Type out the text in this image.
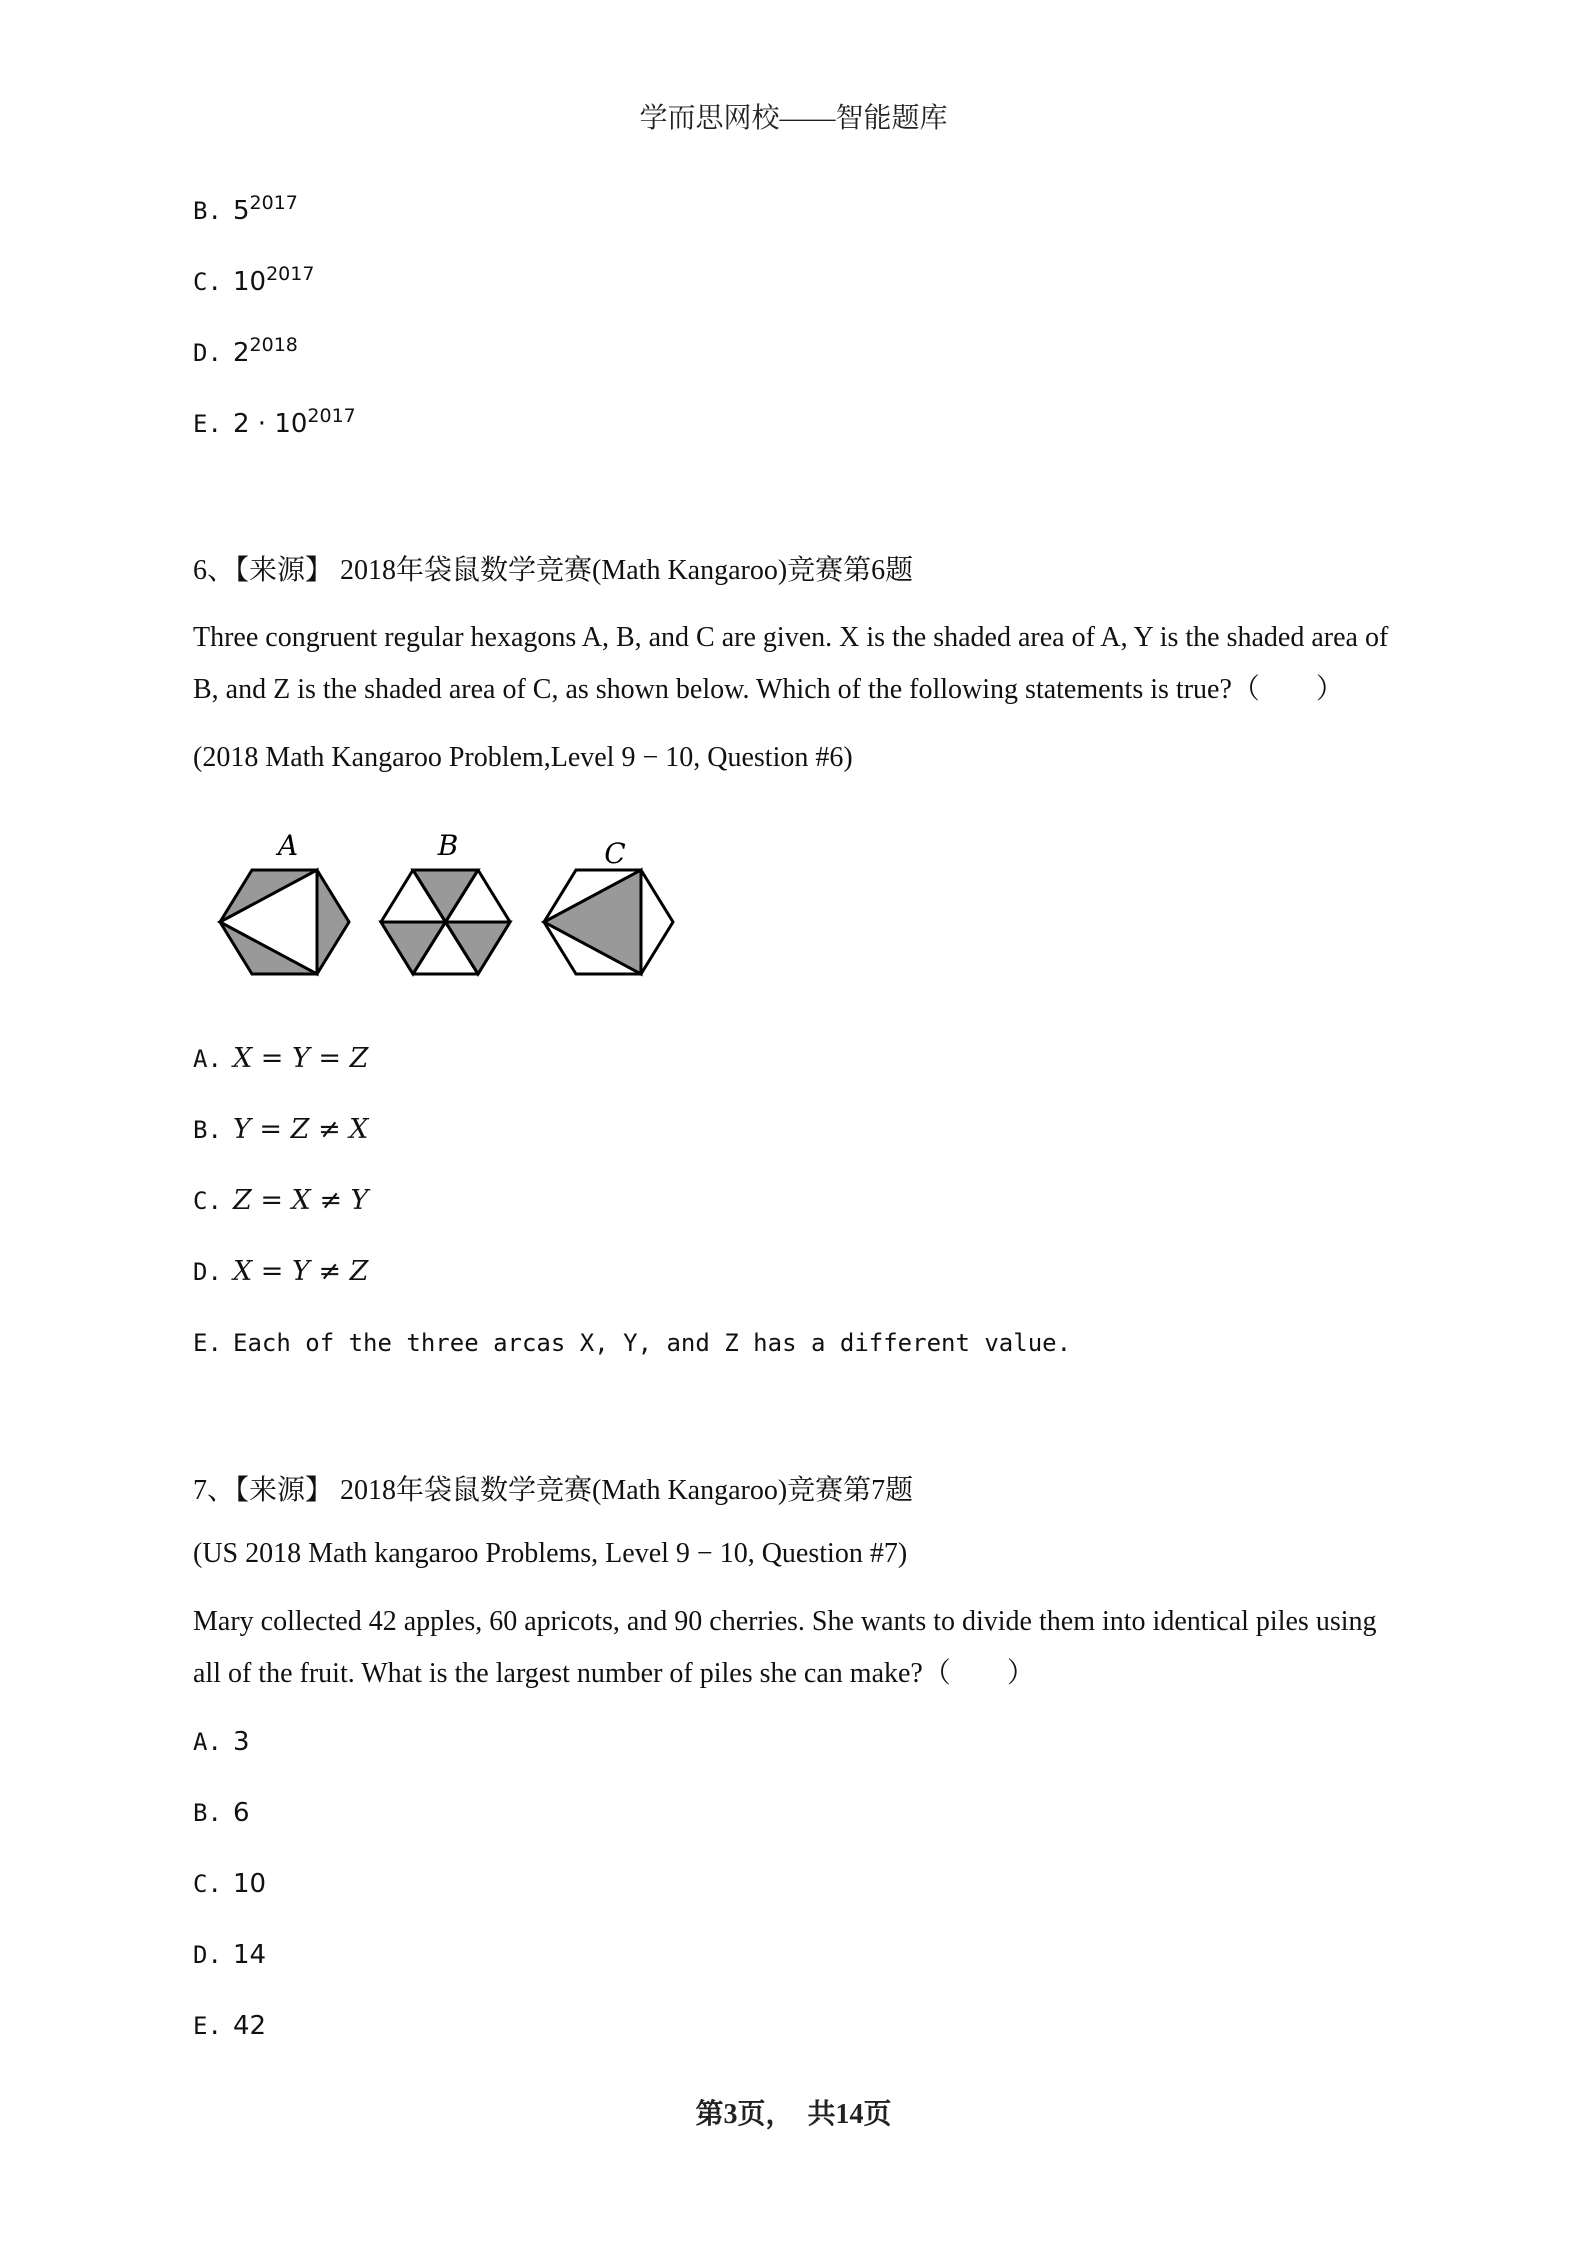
学而思网校——智能题库
B. $5^{2017}$
C. $10^{2017}$
D. $2^{2018}$
E. $2 \cdot 10^{2017}$
6、【来源】 2018年袋鼠数学竞赛(Math Kangaroo)竞赛第6题
Three congruent regular hexagons A, B, and C are given. X is the shaded area of A, Y is the shaded area of
B, and Z is the shaded area of C, as shown below. Which of the following statements is true?（　　）
(2018 Math Kangaroo Problem,Level 9 − 10, Question #6)
A	B	C
A. X = Y = Z
B. Y = Z ≠ X
C. Z = X ≠ Y
D. X = Y ≠ Z
E. Each of the three arcas X, Y, and Z has a different value.
7、【来源】 2018年袋鼠数学竞赛(Math Kangaroo)竞赛第7题
(US 2018 Math kangaroo Problems, Level 9 − 10, Question #7)
Mary collected 42 apples, 60 apricots, and 90 cherries. She wants to divide them into identical piles using
all of the fruit. What is the largest number of piles she can make?（　　）
A. 3
B. 6
C. 10
D. 14
E. 42
第3页，　共14页
